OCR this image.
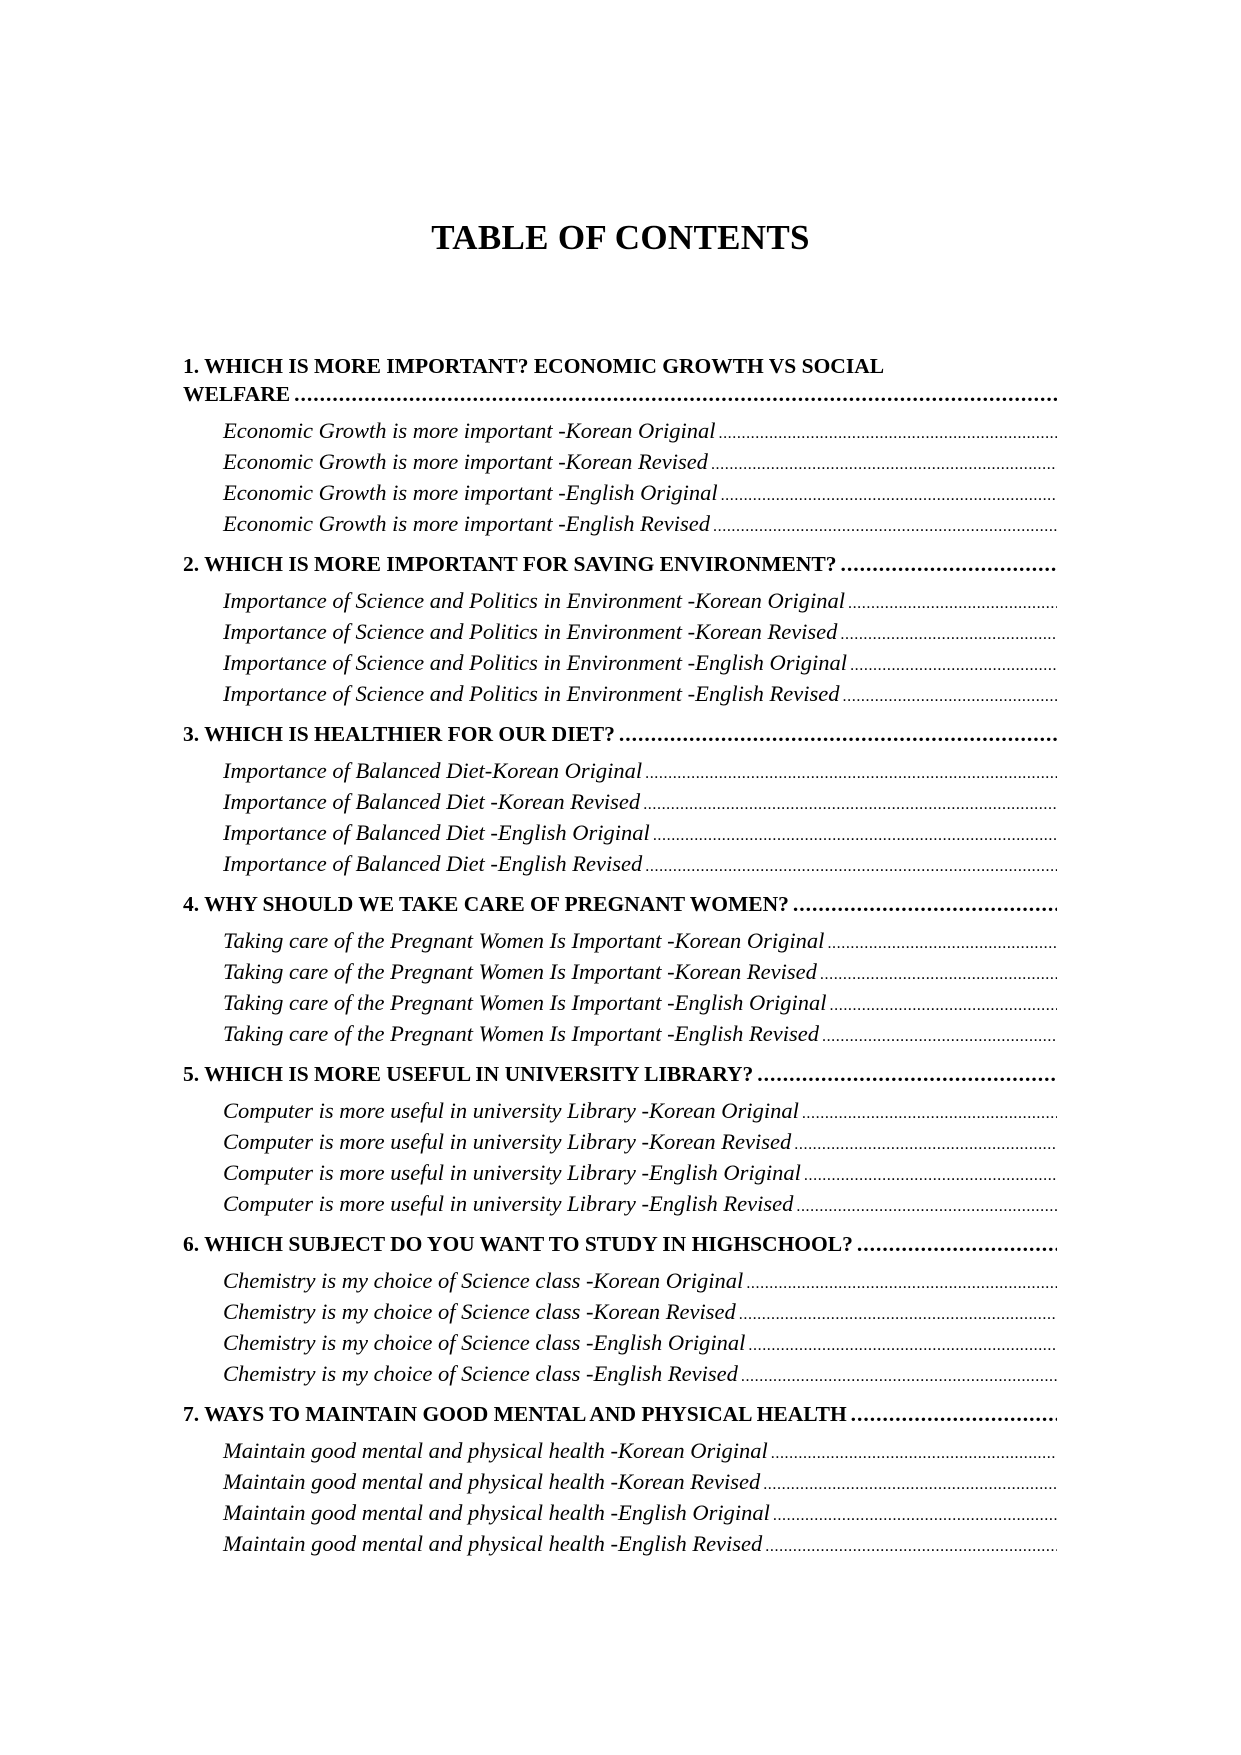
TABLE OF CONTENTS
1. WHICH IS MORE IMPORTANT? ECONOMIC GROWTH VS SOCIAL
WELFARE
.....
Economic Growth is more important -Korean Original
.....
Economic Growth is more important -Korean Revised
.....
Economic Growth is more important -English Original
.....
Economic Growth is more important -English Revised
.....
2. WHICH IS MORE IMPORTANT FOR SAVING ENVIRONMENT?
.....
Importance of Science and Politics in Environment -Korean Original
.....
Importance of Science and Politics in Environment -Korean Revised
.....
Importance of Science and Politics in Environment -English Original
.....
Importance of Science and Politics in Environment -English Revised
.....
3. WHICH IS HEALTHIER FOR OUR DIET?
.....
Importance of Balanced Diet-Korean Original
.....
Importance of Balanced Diet -Korean Revised
.....
Importance of Balanced Diet -English Original
.....
Importance of Balanced Diet -English Revised
.....
4. WHY SHOULD WE TAKE CARE OF PREGNANT WOMEN?
.....
Taking care of the Pregnant Women Is Important -Korean Original
.....
Taking care of the Pregnant Women Is Important -Korean Revised
.....
Taking care of the Pregnant Women Is Important -English Original
.....
Taking care of the Pregnant Women Is Important -English Revised
.....
5. WHICH IS MORE USEFUL IN UNIVERSITY LIBRARY?
.....
Computer is more useful in university Library -Korean Original
.....
Computer is more useful in university Library -Korean Revised
.....
Computer is more useful in university Library -English Original
.....
Computer is more useful in university Library -English Revised
.....
6. WHICH SUBJECT DO YOU WANT TO STUDY IN HIGHSCHOOL?
.....
Chemistry is my choice of Science class -Korean Original
.....
Chemistry is my choice of Science class -Korean Revised
.....
Chemistry is my choice of Science class -English Original
.....
Chemistry is my choice of Science class -English Revised
.....
7. WAYS TO MAINTAIN GOOD MENTAL AND PHYSICAL HEALTH
.....
Maintain good mental and physical health -Korean Original
.....
Maintain good mental and physical health -Korean Revised
.....
Maintain good mental and physical health -English Original
.....
Maintain good mental and physical health -English Revised
.....
